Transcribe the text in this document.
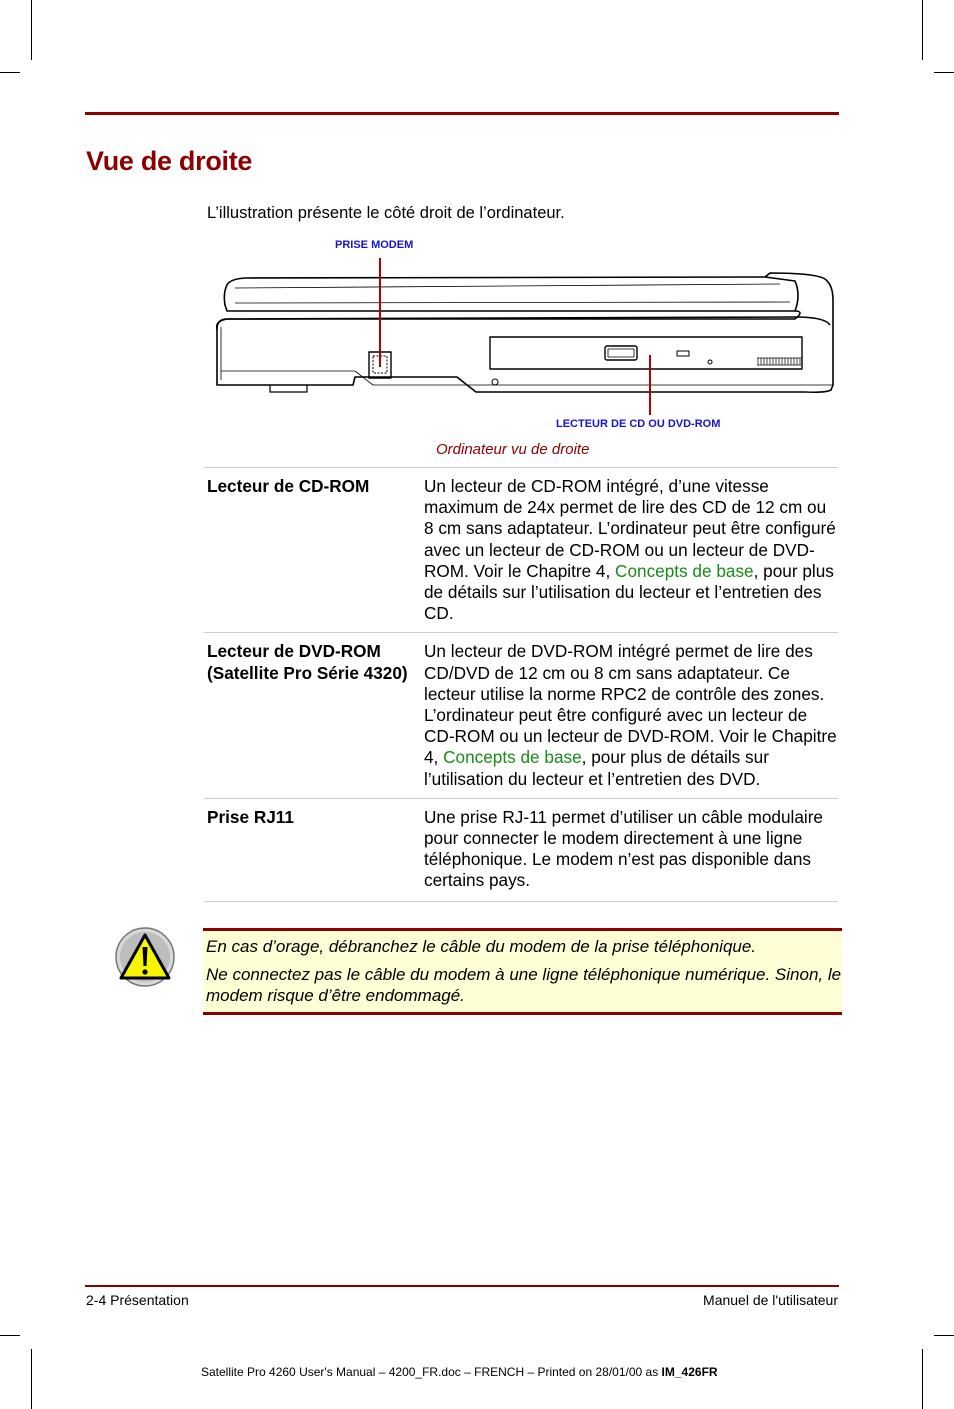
Vue de droite
L’illustration présente le côté droit de l’ordinateur.
PRISE MODEM
LECTEUR DE CD OU DVD-ROM
Ordinateur vu de droite
Lecteur de CD-ROM	Un lecteur de CD-ROM intégré, d’une vitesse maximum de 24x permet de lire des CD de 12 cm ou 8 cm sans adaptateur. L’ordinateur peut être configuré avec un lecteur de CD-ROM ou un lecteur de DVD-ROM. Voir le Chapitre 4, Concepts de base, pour plus de détails sur l’utilisation du lecteur et l’entretien des CD.
Lecteur de DVD-ROM (Satellite Pro Série 4320)	Un lecteur de DVD-ROM intégré permet de lire des CD/DVD de 12 cm ou 8 cm sans adaptateur. Ce lecteur utilise la norme RPC2 de contrôle des zones. L’ordinateur peut être configuré avec un lecteur de CD-ROM ou un lecteur de DVD-ROM. Voir le Chapitre 4, Concepts de base, pour plus de détails sur l’utilisation du lecteur et l’entretien des DVD.
Prise RJ11	Une prise RJ-11 permet d’utiliser un câble modulaire pour connecter le modem directement à une ligne téléphonique. Le modem n’est pas disponible dans certains pays.

En cas d’orage, débranchez le câble du modem de la prise téléphonique.

Ne connectez pas le câble du modem à une ligne téléphonique numérique. Sinon, le modem risque d’être endommagé.

2-4 Présentation	Manuel de l'utilisateur
Satellite Pro 4260 User's Manual – 4200_FR.doc – FRENCH – Printed on 28/01/00 as IM_426FR
